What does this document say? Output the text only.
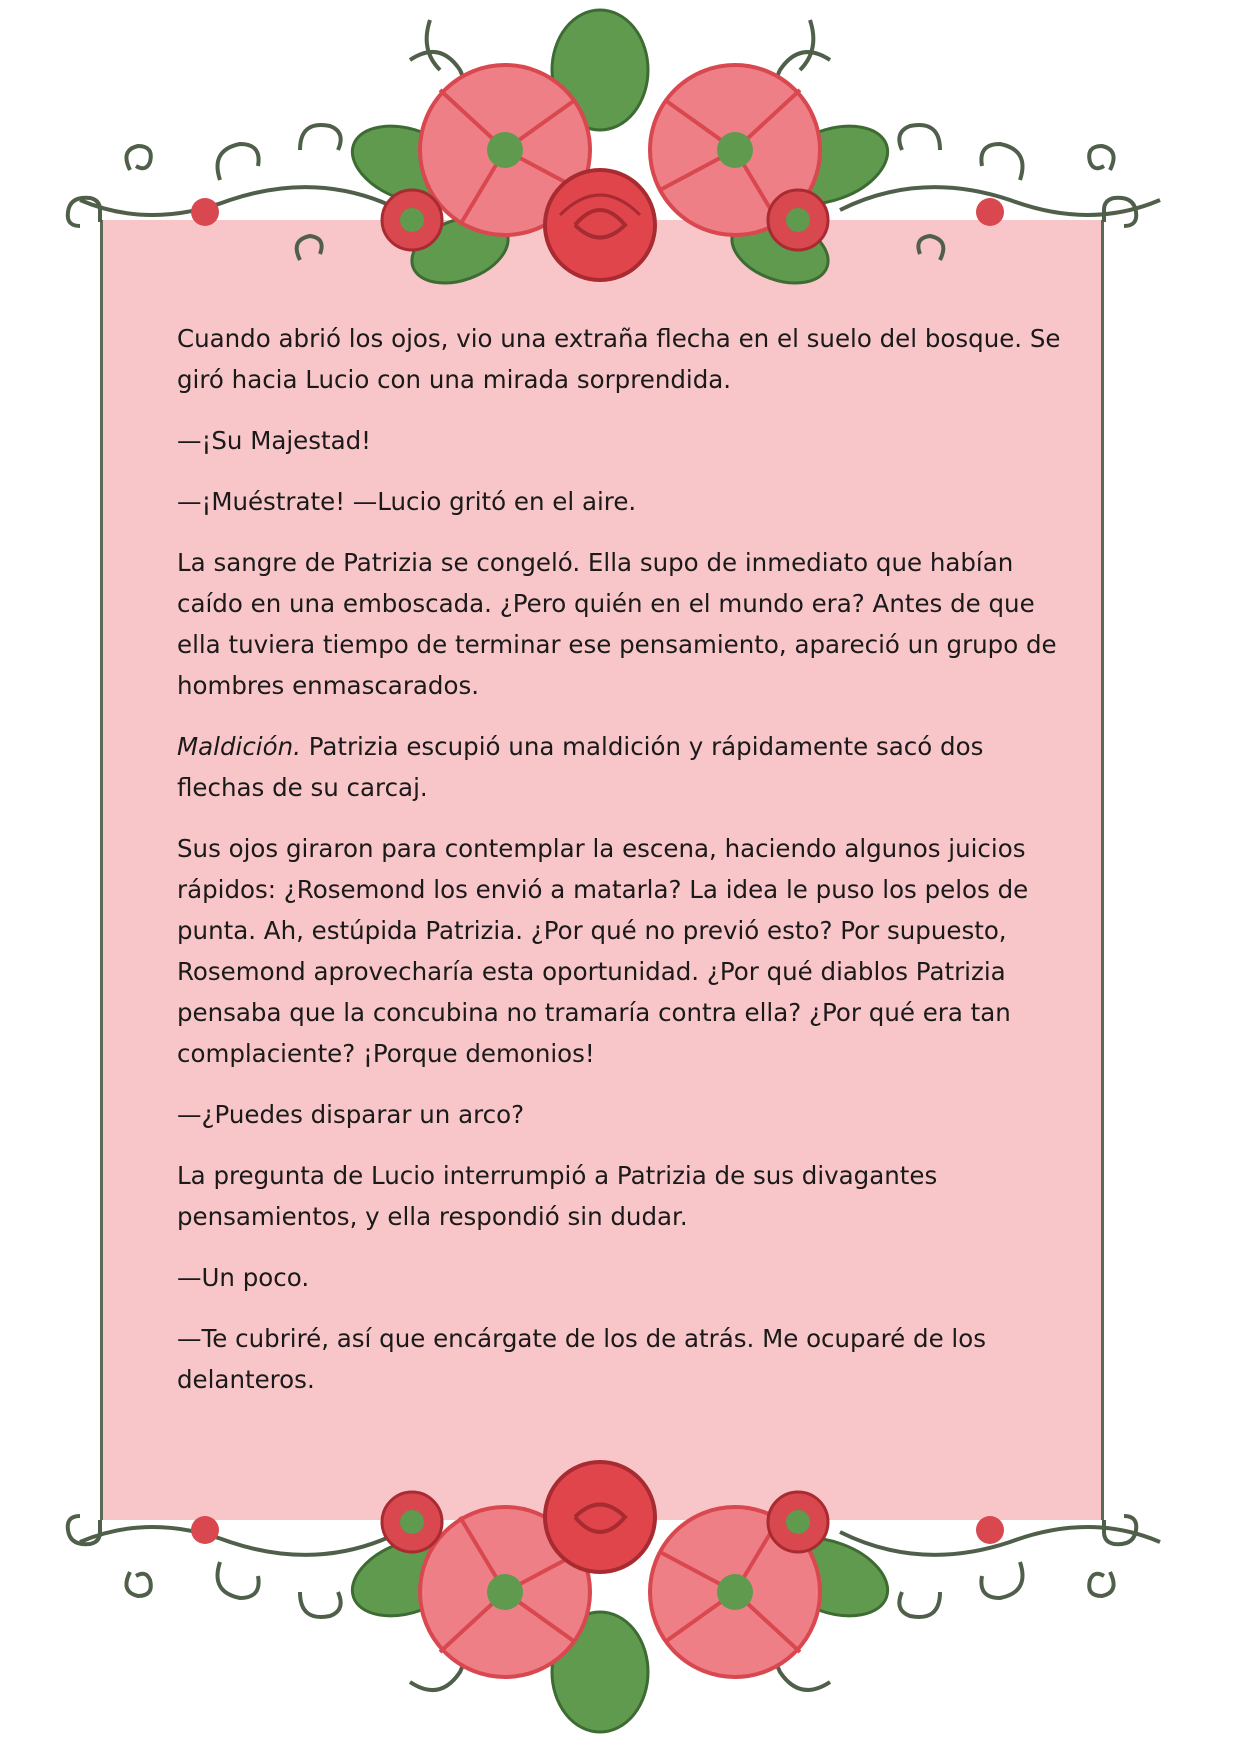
Cuando abrió los ojos, vio una extraña flecha en el suelo del bosque. Se giró hacia Lucio con una mirada sorprendida.

—¡Su Majestad!

—¡Muéstrate! —Lucio gritó en el aire.

La sangre de Patrizia se congeló. Ella supo de inmediato que habían caído en una emboscada. ¿Pero quién en el mundo era? Antes de que ella tuviera tiempo de terminar ese pensamiento, apareció un grupo de hombres enmascarados.

Maldición. Patrizia escupió una maldición y rápidamente sacó dos flechas de su carcaj.

Sus ojos giraron para contemplar la escena, haciendo algunos juicios rápidos: ¿Rosemond los envió a matarla? La idea le puso los pelos de punta. Ah, estúpida Patrizia. ¿Por qué no previó esto? Por supuesto, Rosemond aprovecharía esta oportunidad. ¿Por qué diablos Patrizia pensaba que la concubina no tramaría contra ella? ¿Por qué era tan complaciente? ¡Porque demonios!

—¿Puedes disparar un arco?

La pregunta de Lucio interrumpió a Patrizia de sus divagantes pensamientos, y ella respondió sin dudar.

—Un poco.

—Te cubriré, así que encárgate de los de atrás. Me ocuparé de los delanteros.
